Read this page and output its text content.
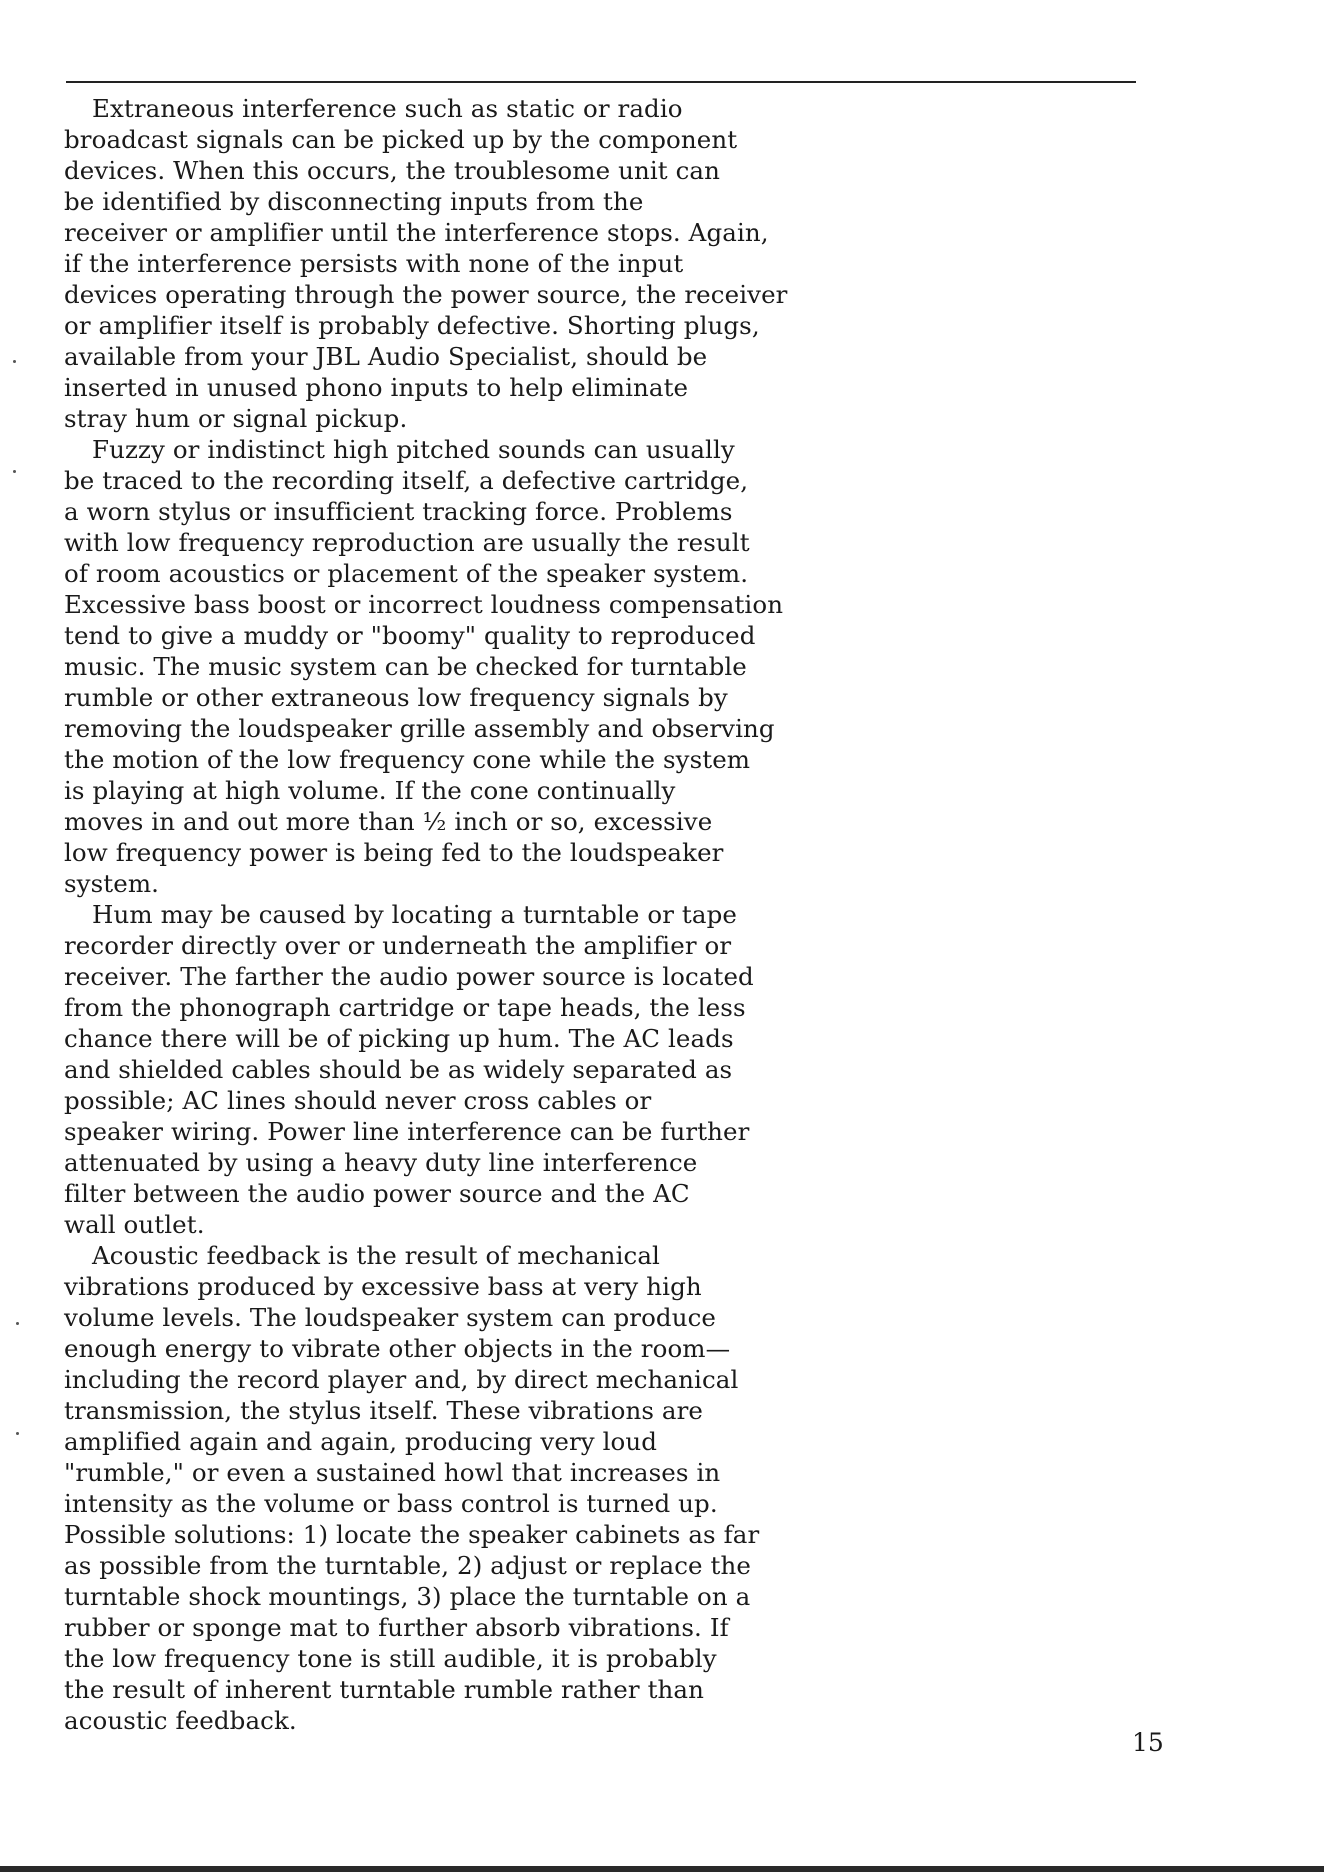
Extraneous interference such as static or radio
broadcast signals can be picked up by the component
devices. When this occurs, the troublesome unit can
be identified by disconnecting inputs from the
receiver or amplifier until the interference stops. Again,
if the interference persists with none of the input
devices operating through the power source, the receiver
or amplifier itself is probably defective. Shorting plugs,
available from your JBL Audio Specialist, should be
inserted in unused phono inputs to help eliminate
stray hum or signal pickup.
Fuzzy or indistinct high pitched sounds can usually
be traced to the recording itself, a defective cartridge,
a worn stylus or insufficient tracking force. Problems
with low frequency reproduction are usually the result
of room acoustics or placement of the speaker system.
Excessive bass boost or incorrect loudness compensation
tend to give a muddy or "boomy" quality to reproduced
music. The music system can be checked for turntable
rumble or other extraneous low frequency signals by
removing the loudspeaker grille assembly and observing
the motion of the low frequency cone while the system
is playing at high volume. If the cone continually
moves in and out more than ½ inch or so, excessive
low frequency power is being fed to the loudspeaker
system.
Hum may be caused by locating a turntable or tape
recorder directly over or underneath the amplifier or
receiver. The farther the audio power source is located
from the phonograph cartridge or tape heads, the less
chance there will be of picking up hum. The AC leads
and shielded cables should be as widely separated as
possible; AC lines should never cross cables or
speaker wiring. Power line interference can be further
attenuated by using a heavy duty line interference
filter between the audio power source and the AC
wall outlet.
Acoustic feedback is the result of mechanical
vibrations produced by excessive bass at very high
volume levels. The loudspeaker system can produce
enough energy to vibrate other objects in the room—
including the record player and, by direct mechanical
transmission, the stylus itself. These vibrations are
amplified again and again, producing very loud
"rumble," or even a sustained howl that increases in
intensity as the volume or bass control is turned up.
Possible solutions: 1) locate the speaker cabinets as far
as possible from the turntable, 2) adjust or replace the
turntable shock mountings, 3) place the turntable on a
rubber or sponge mat to further absorb vibrations. If
the low frequency tone is still audible, it is probably
the result of inherent turntable rumble rather than
acoustic feedback.
15
